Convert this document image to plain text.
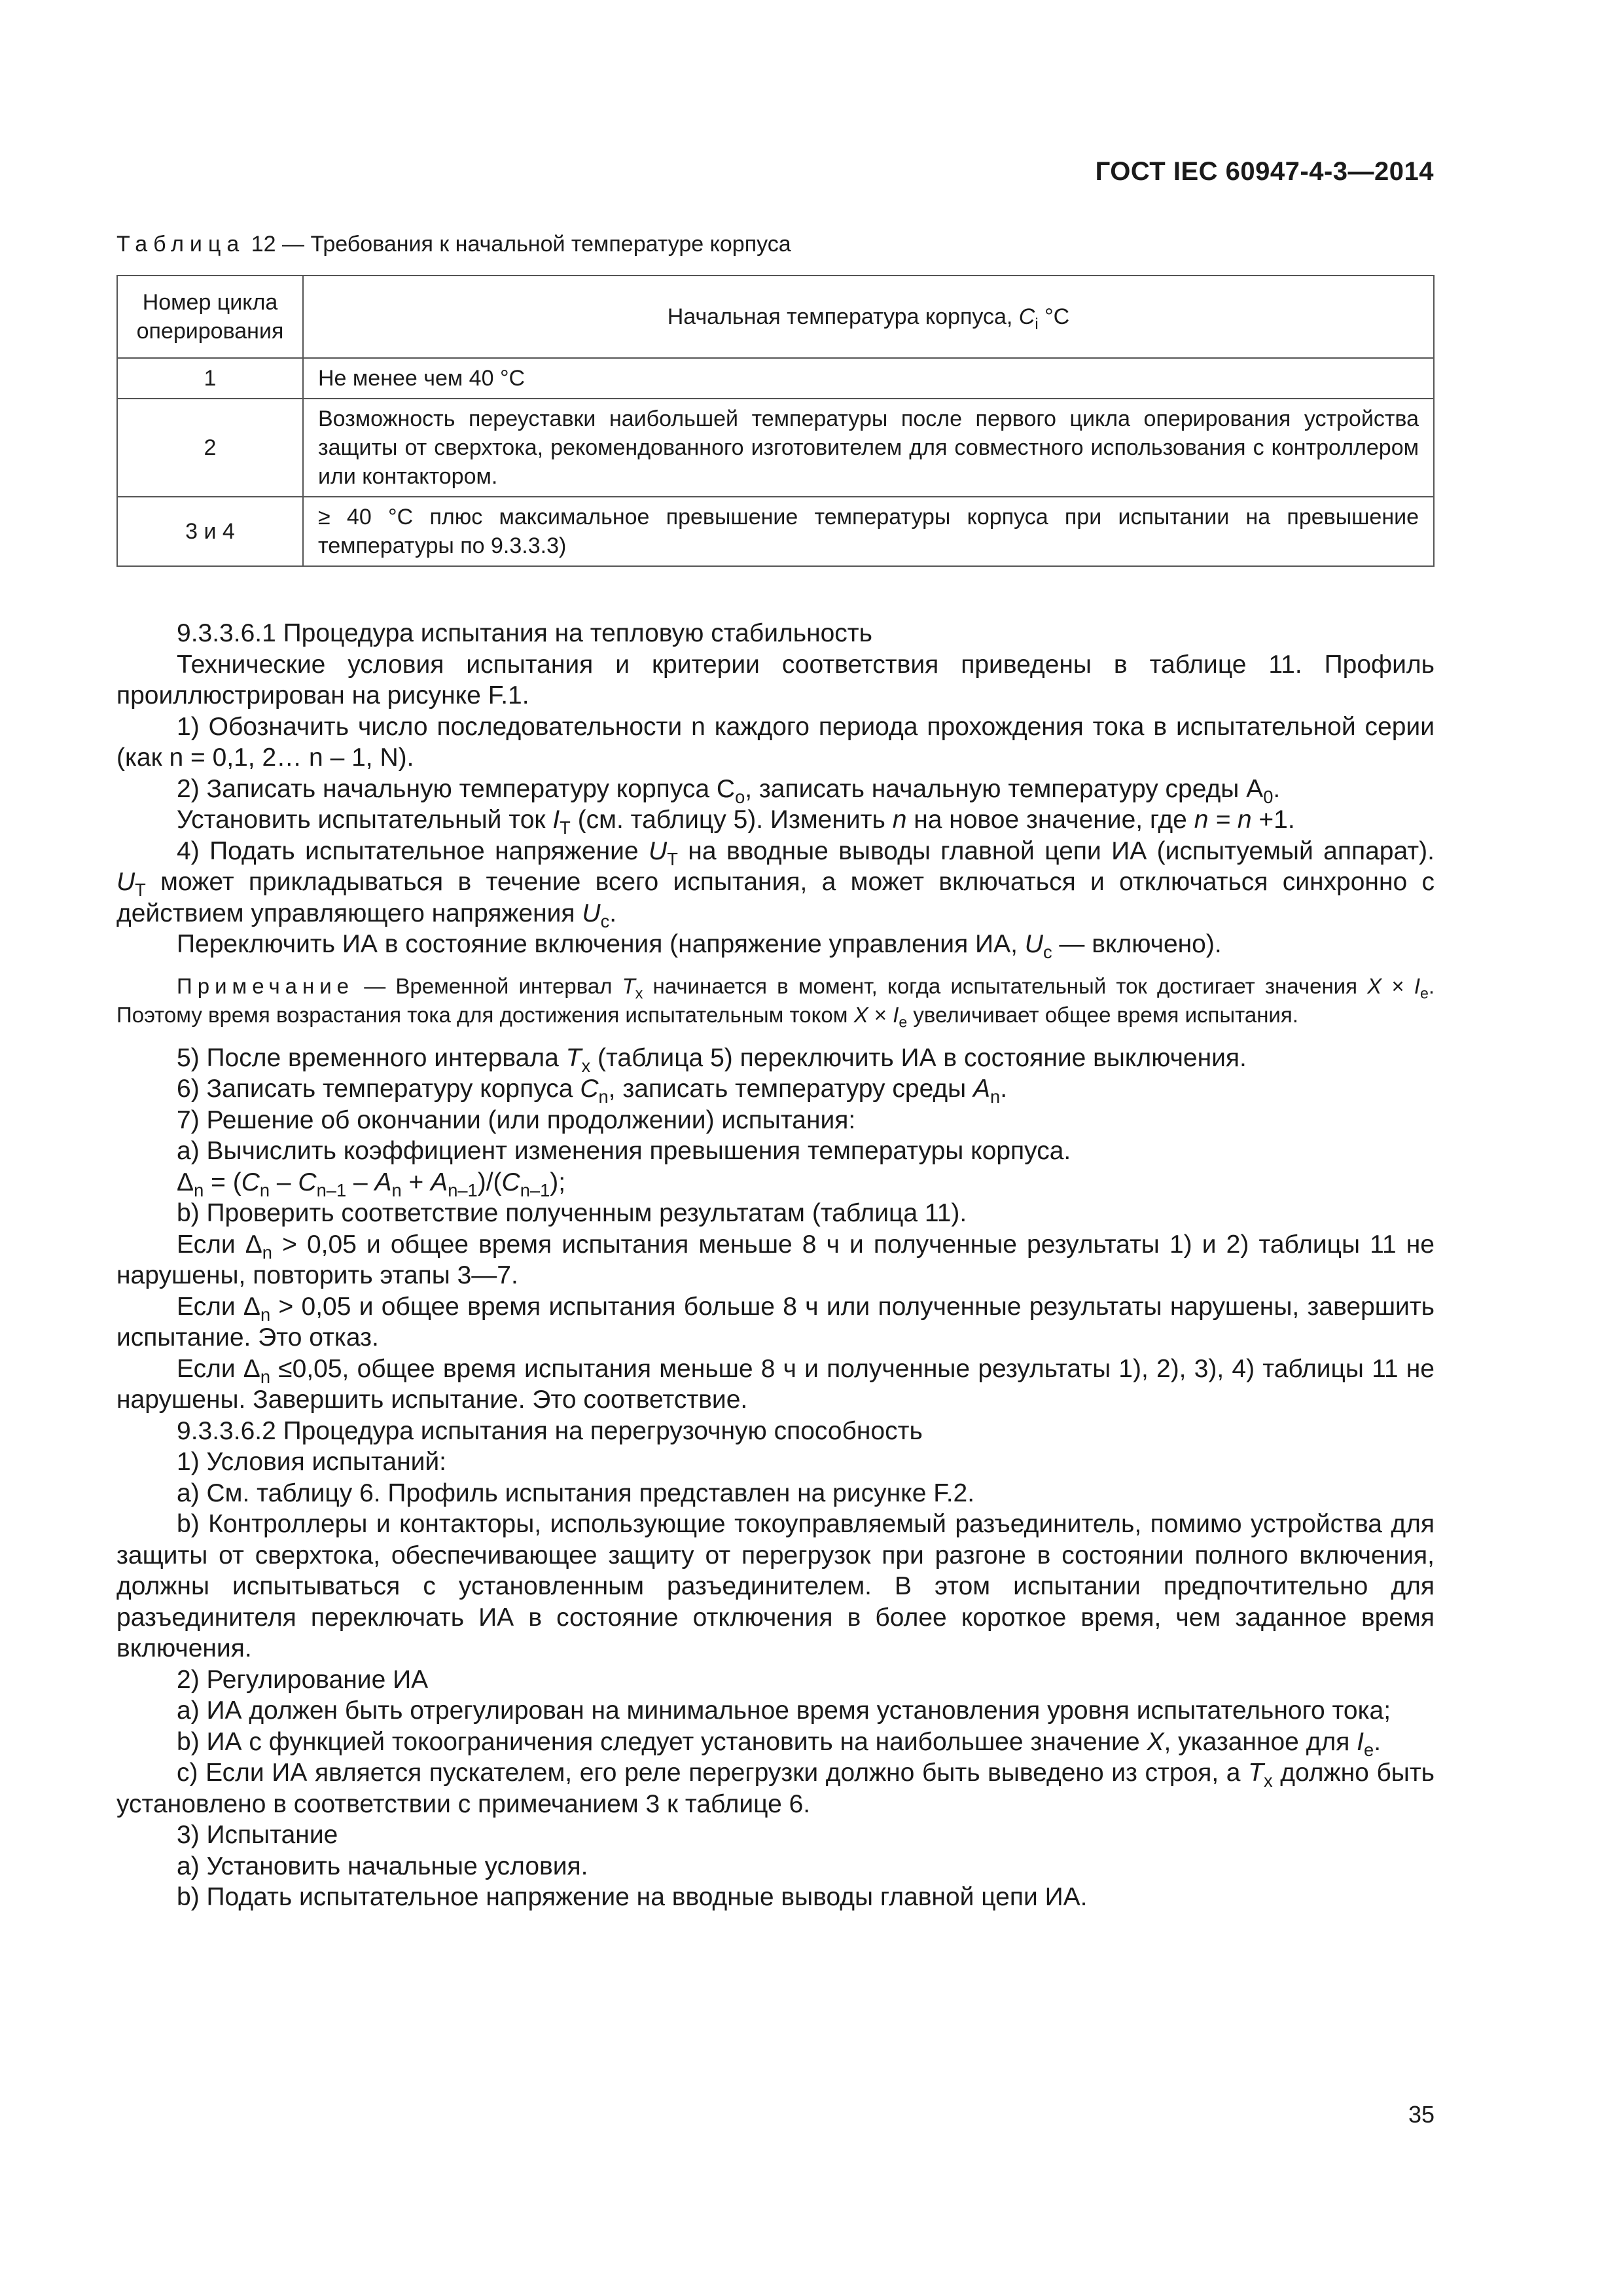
ГОСТ IEC 60947-4-3—2014
Таблица 12 — Требования к начальной температуре корпуса
Номер цикла оперирования	Начальная температура корпуса, $C_i$ °C
1	Не менее чем 40 °С
2	Возможность переуставки наибольшей температуры после первого цикла оперирования устройства защиты от сверхтока, рекомендованного изготовителем для совместного использования с контроллером или контактором.
3 и 4	≥ 40 °С плюс максимальное превышение температуры корпуса при испытании на превышение температуры по 9.3.3.3)

9.3.3.6.1 Процедура испытания на тепловую стабильность

Технические условия испытания и критерии соответствия приведены в таблице 11. Профиль проиллюстрирован на рисунке F.1.

1) Обозначить число последовательности n каждого периода прохождения тока в испытательной серии (как n = 0,1, 2… n – 1, N).

2) Записать начальную температуру корпуса $C_o$, записать начальную температуру среды $A_0$.

Установить испытательный ток $I_T$ (см. таблицу 5). Изменить n на новое значение, где n = n +1.

4) Подать испытательное напряжение $U_T$ на вводные выводы главной цепи ИА (испытуемый аппарат). $U_T$ может прикладываться в течение всего испытания, а может включаться и отключаться синхронно с действием управляющего напряжения $U_c$.

Переключить ИА в состояние включения (напряжение управления ИА, $U_c$ — включено).

Примечание — Временной интервал $T_x$ начинается в момент, когда испытательный ток достигает значения $X \times I_e$. Поэтому время возрастания тока для достижения испытательным током $X \times I_e$ увеличивает общее время испытания.

5) После временного интервала $T_x$ (таблица 5) переключить ИА в состояние выключения.

6) Записать температуру корпуса $C_n$, записать температуру среды $A_n$.

7) Решение об окончании (или продолжении) испытания:

a) Вычислить коэффициент изменения превышения температуры корпуса.

$\Delta_n = (C_n - C_{n-1} - A_n + A_{n-1})/(C_{n-1})$;

b) Проверить соответствие полученным результатам (таблица 11).

Если $\Delta_n > 0,05$ и общее время испытания меньше 8 ч и полученные результаты 1) и 2) таблицы 11 не нарушены, повторить этапы 3—7.

Если $\Delta_n > 0,05$ и общее время испытания больше 8 ч или полученные результаты нарушены, завершить испытание. Это отказ.

Если $\Delta_n \le 0,05$, общее время испытания меньше 8 ч и полученные результаты 1), 2), 3), 4) таблицы 11 не нарушены. Завершить испытание. Это соответствие.

9.3.3.6.2 Процедура испытания на перегрузочную способность

1) Условия испытаний:

a) См. таблицу 6. Профиль испытания представлен на рисунке F.2.

b) Контроллеры и контакторы, использующие токоуправляемый разъединитель, помимо устройства для защиты от сверхтока, обеспечивающее защиту от перегрузок при разгоне в состоянии полного включения, должны испытываться с установленным разъединителем. В этом испытании предпочтительно для разъединителя переключать ИА в состояние отключения в более короткое время, чем заданное время включения.

2) Регулирование ИА

a) ИА должен быть отрегулирован на минимальное время установления уровня испытательного тока;

b) ИА с функцией токоограничения следует установить на наибольшее значение X, указанное для $I_e$.

c) Если ИА является пускателем, его реле перегрузки должно быть выведено из строя, а $T_x$ должно быть установлено в соответствии с примечанием 3 к таблице 6.

3) Испытание

a) Установить начальные условия.

b) Подать испытательное напряжение на вводные выводы главной цепи ИА.

35
